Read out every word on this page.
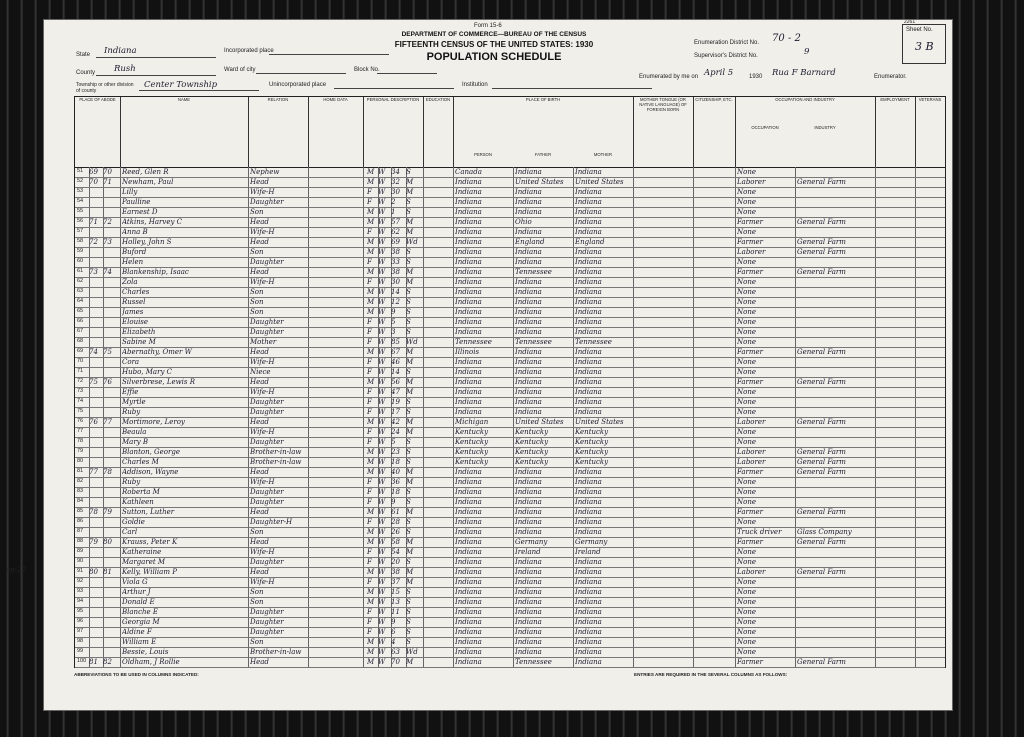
Form 15-6
DEPARTMENT OF COMMERCE—BUREAU OF THE CENSUS
FIFTEENTH CENSUS OF THE UNITED STATES: 1930
POPULATION SCHEDULE
2261
State Indiana
County Rush
Township or other division of county
Center Township
Incorporated place
Ward of city	Block No.
Unincorporated place	Institution
Enumeration District No. 70 - 2
Supervisor's District No.	9
Sheet No.
3 B
Enumerated by me on April 5	1930 Rua F Barnard	Enumerator.
PLACE OF ABODE	NAME	RELATION	HOME DATA	PERSONAL DESCRIPTION	EDUCATION	PLACE OF BIRTH
PERSON	FATHER	MOTHER
MOTHER TONGUE (OR NATIVE LANGUAGE) OF FOREIGN BORN
CITIZENSHIP, ETC.	OCCUPATION AND INDUSTRY
OCCUPATION	INDUSTRY
EMPLOYMENT	VETERANS
51 69 70	Reed, Glen R	Nephew	M W 34 S	Canada	Indiana	Indiana	None
52 70 71	Newham, Paul	Head	M W 32 M	Indiana	United States	United States	Laborer	General Farm
53	Lilly	Wife-H	F W 30 M	Indiana	Indiana	Indiana	None
54	Paulline	Daughter	F W 2	S	Indiana	Indiana	Indiana	None
55	Earnest D	Son	M W 1	S	Indiana	Indiana	Indiana	None
56 71 72	Atkins, Harvey C	Head	M W 57 M	Indiana	Ohio	Indiana	Farmer	General Farm
57	Anna B	Wife-H	F W 62 M	Indiana	Indiana	Indiana	None
58 72 73	Holley, John S	Head	M W 69 Wd	Indiana	England	England	Farmer	General Farm
59	Buford	Son	M W 38 S	Indiana	Indiana	Indiana	Laborer	General Farm
60	Helen	Daughter	F W 33 S	Indiana	Indiana	Indiana	None
61 73 74	Blankenship, Isaac	Head	M W 38 M	Indiana	Tennessee	Indiana	Farmer	General Farm
62	Zola	Wife-H	F W 30 M	Indiana	Indiana	Indiana	None
63	Charles	Son	M W 14 S	Indiana	Indiana	Indiana	None
64	Russel	Son	M W 12 S	Indiana	Indiana	Indiana	None
65	James	Son	M W 9	S	Indiana	Indiana	Indiana	None
66	Elouise	Daughter	F W 5	S	Indiana	Indiana	Indiana	None
67	Elizabeth	Daughter	F W 3	S	Indiana	Indiana	Indiana	None
68	Sabine M	Mother	F W 85 Wd	Tennessee	Tennessee	Tennessee	None
69 74 75	Abernathy, Omer W	Head	M W 67 M	Illinois	Indiana	Indiana	Farmer	General Farm
70	Cora	Wife-H	F W 46 M	Indiana	Indiana	Indiana	None
71	Hubo, Mary C	Niece	F W 14 S	Indiana	Indiana	Indiana	None
72 75 76	Silverbrese, Lewis R	Head	M W 56 M	Indiana	Indiana	Indiana	Farmer	General Farm
73	Effie	Wife-H	F W 47 M	Indiana	Indiana	Indiana	None
74	Myrtle	Daughter	F W 19 S	Indiana	Indiana	Indiana	None
75	Ruby	Daughter	F W 17 S	Indiana	Indiana	Indiana	None
76 76 77	Mortimore, Leroy	Head	M W 42 M	Michigan	United States	United States	Laborer	General Farm
77	Beaula	Wife-H	F W 24 M	Kentucky	Kentucky	Kentucky	None
78	Mary B	Daughter	F W 5	S	Kentucky	Kentucky	Kentucky	None
79	Blanton, George	Brother-in-law	M W 23 S	Kentucky	Kentucky	Kentucky	Laborer	General Farm
80	Charles M	Brother-in-law	M W 18 S	Kentucky	Kentucky	Kentucky	Laborer	General Farm
81 77 78	Addison, Wayne	Head	M W 40 M	Indiana	Indiana	Indiana	Farmer	General Farm
82	Ruby	Wife-H	F W 36 M	Indiana	Indiana	Indiana	None
83	Roberta M	Daughter	F W 18 S	Indiana	Indiana	Indiana	None
84	Kathleen	Daughter	F W 9	S	Indiana	Indiana	Indiana	None
85 78 79	Sutton, Luther	Head	M W 61 M	Indiana	Indiana	Indiana	Farmer	General Farm
86	Goldie	Daughter-H	F W 28 S	Indiana	Indiana	Indiana	None
87	Carl	Son	M W 26 S	Indiana	Indiana	Indiana	Truck driver	Glass Company
88 79 80	Krauss, Peter K	Head	M W 58 M	Indiana	Germany	Germany	Farmer	General Farm
89	Katheraine	Wife-H	F W 54 M	Indiana	Ireland	Ireland	None
90	Margaret M	Daughter	F W 20 S	Indiana	Indiana	Indiana	None
91 80 81	Kelly, William P	Head	M W 38 M	Indiana	Indiana	Indiana	Laborer	General Farm
92	Viola G	Wife-H	F W 37 M	Indiana	Indiana	Indiana	None
93	Arthur J	Son	M W 15 S	Indiana	Indiana	Indiana	None
94	Donald E	Son	M W 13 S	Indiana	Indiana	Indiana	None
95	Blanche E	Daughter	F W 11 S	Indiana	Indiana	Indiana	None
96	Georgia M	Daughter	F W 9	S	Indiana	Indiana	Indiana	None
97	Aldine F	Daughter	F W 6	S	Indiana	Indiana	Indiana	None
98	William E	Son	M W 4	S	Indiana	Indiana	Indiana	None
99	Bessie, Louis	Brother-in-law	M W 63 Wd	Indiana	Indiana	Indiana	None
100 81 82	Oldham, J Rollie	Head	M W 70 M	Indiana	Tennessee	Indiana	Farmer	General Farm
ABBREVIATIONS TO BE USED IN COLUMNS INDICATED:	ENTRIES ARE REQUIRED IN THE SEVERAL COLUMNS AS FOLLOWS:
ap-27
